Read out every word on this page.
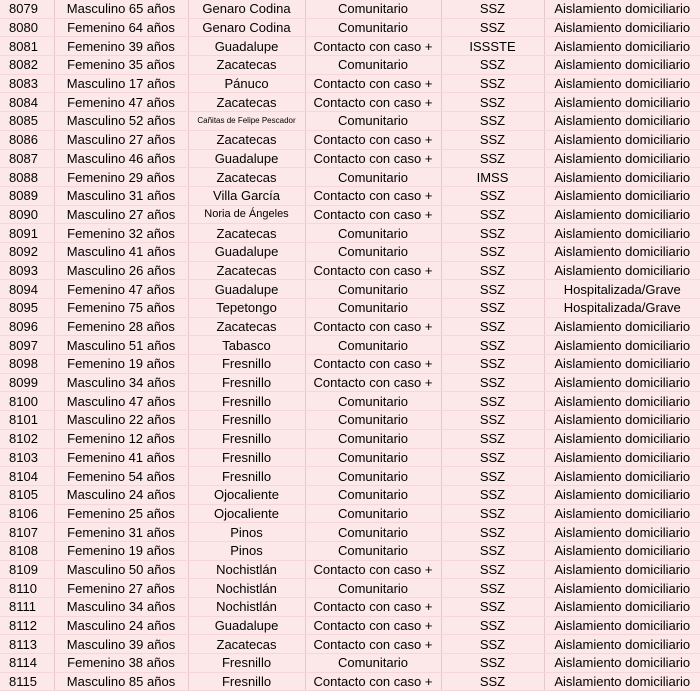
8079	Masculino 65 años	Genaro Codina	Comunitario	SSZ	Aislamiento domiciliario
8080	Femenino 64 años	Genaro Codina	Comunitario	SSZ	Aislamiento domiciliario
8081	Femenino 39 años	Guadalupe	Contacto con caso +	ISSSTE	Aislamiento domiciliario
8082	Femenino 35 años	Zacatecas	Comunitario	SSZ	Aislamiento domiciliario
8083	Masculino 17 años	Pánuco	Contacto con caso +	SSZ	Aislamiento domiciliario
8084	Femenino 47 años	Zacatecas	Contacto con caso +	SSZ	Aislamiento domiciliario
8085	Masculino 52 años	Cañitas de Felipe Pescador	Comunitario	SSZ	Aislamiento domiciliario
8086	Masculino 27 años	Zacatecas	Contacto con caso +	SSZ	Aislamiento domiciliario
8087	Masculino 46 años	Guadalupe	Contacto con caso +	SSZ	Aislamiento domiciliario
8088	Femenino 29 años	Zacatecas	Comunitario	IMSS	Aislamiento domiciliario
8089	Masculino 31 años	Villa García	Contacto con caso +	SSZ	Aislamiento domiciliario
8090	Masculino 27 años	Noria de Ángeles	Contacto con caso +	SSZ	Aislamiento domiciliario
8091	Femenino 32 años	Zacatecas	Comunitario	SSZ	Aislamiento domiciliario
8092	Masculino 41 años	Guadalupe	Comunitario	SSZ	Aislamiento domiciliario
8093	Masculino 26 años	Zacatecas	Contacto con caso +	SSZ	Aislamiento domiciliario
8094	Femenino 47 años	Guadalupe	Comunitario	SSZ	Hospitalizada/Grave
8095	Femenino 75 años	Tepetongo	Comunitario	SSZ	Hospitalizada/Grave
8096	Femenino 28 años	Zacatecas	Contacto con caso +	SSZ	Aislamiento domiciliario
8097	Masculino 51 años	Tabasco	Comunitario	SSZ	Aislamiento domiciliario
8098	Femenino 19 años	Fresnillo	Contacto con caso +	SSZ	Aislamiento domiciliario
8099	Masculino 34 años	Fresnillo	Contacto con caso +	SSZ	Aislamiento domiciliario
8100	Masculino 47 años	Fresnillo	Comunitario	SSZ	Aislamiento domiciliario
8101	Masculino 22 años	Fresnillo	Comunitario	SSZ	Aislamiento domiciliario
8102	Femenino 12 años	Fresnillo	Comunitario	SSZ	Aislamiento domiciliario
8103	Femenino 41 años	Fresnillo	Comunitario	SSZ	Aislamiento domiciliario
8104	Femenino 54 años	Fresnillo	Comunitario	SSZ	Aislamiento domiciliario
8105	Masculino 24 años	Ojocaliente	Comunitario	SSZ	Aislamiento domiciliario
8106	Femenino 25 años	Ojocaliente	Comunitario	SSZ	Aislamiento domiciliario
8107	Femenino 31 años	Pinos	Comunitario	SSZ	Aislamiento domiciliario
8108	Femenino 19 años	Pinos	Comunitario	SSZ	Aislamiento domiciliario
8109	Masculino 50 años	Nochistlán	Contacto con caso +	SSZ	Aislamiento domiciliario
8110	Femenino 27 años	Nochistlán	Comunitario	SSZ	Aislamiento domiciliario
8111	Masculino 34 años	Nochistlán	Contacto con caso +	SSZ	Aislamiento domiciliario
8112	Masculino 24 años	Guadalupe	Contacto con caso +	SSZ	Aislamiento domiciliario
8113	Masculino 39 años	Zacatecas	Contacto con caso +	SSZ	Aislamiento domiciliario
8114	Femenino 38 años	Fresnillo	Comunitario	SSZ	Aislamiento domiciliario
8115	Masculino 85 años	Fresnillo	Contacto con caso +	SSZ	Aislamiento domiciliario
